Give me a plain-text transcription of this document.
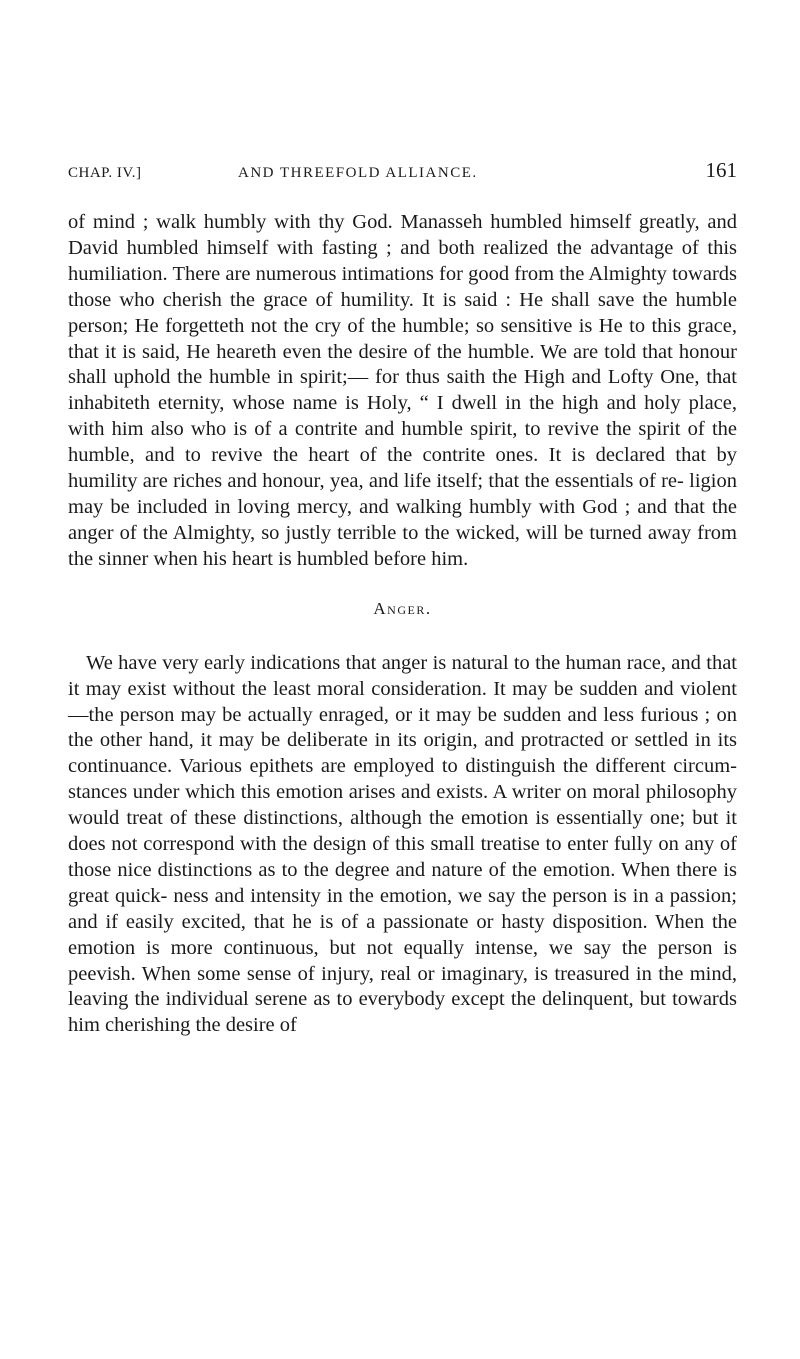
CHAP. IV.]	AND THREEFOLD ALLIANCE.	161

of mind ; walk humbly with thy God. Manasseh humbled himself greatly, and David humbled himself with fasting ; and both realized the advantage of this humiliation. There are numerous intimations for good from the Almighty towards those who cherish the grace of humility. It is said : He shall save the humble person; He forgetteth not the cry of the humble; so sensitive is He to this grace, that it is said, He heareth even the desire of the humble. We are told that honour shall uphold the humble in spirit;— for thus saith the High and Lofty One, that inhabiteth eternity, whose name is Holy, “ I dwell in the high and holy place, with him also who is of a contrite and humble spirit, to revive the spirit of the humble, and to revive the heart of the contrite ones. It is declared that by humility are riches and honour, yea, and life itself; that the essentials of re- ligion may be included in loving mercy, and walking humbly with God ; and that the anger of the Almighty, so justly terrible to the wicked, will be turned away from the sinner when his heart is humbled before him.

Anger.

We have very early indications that anger is natural to the human race, and that it may exist without the least moral consideration. It may be sudden and violent—the person may be actually enraged, or it may be sudden and less furious ; on the other hand, it may be deliberate in its origin, and protracted or settled in its continuance. Various epithets are employed to distinguish the different circum- stances under which this emotion arises and exists. A writer on moral philosophy would treat of these distinctions, although the emotion is essentially one; but it does not correspond with the design of this small treatise to enter fully on any of those nice distinctions as to the degree and nature of the emotion. When there is great quick- ness and intensity in the emotion, we say the person is in a passion; and if easily excited, that he is of a passionate or hasty disposition. When the emotion is more continuous, but not equally intense, we say the person is peevish. When some sense of injury, real or imaginary, is treasured in the mind, leaving the individual serene as to everybody except the delinquent, but towards him cherishing the desire of
